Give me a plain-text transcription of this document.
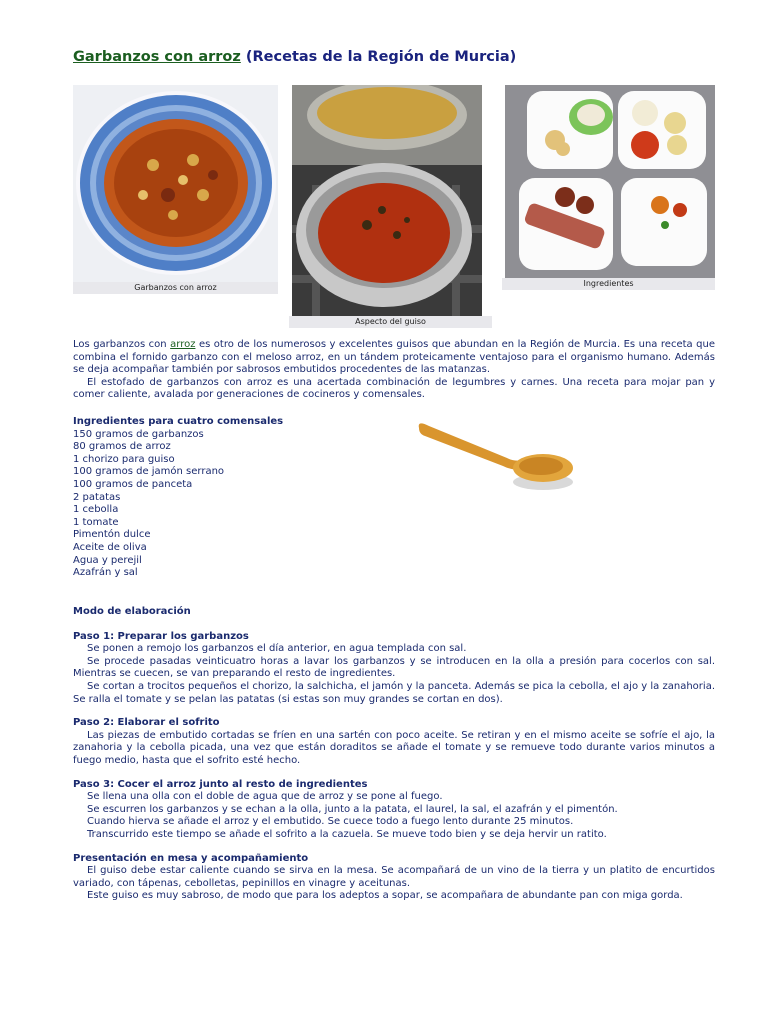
Garbanzos con arroz (Recetas de la Región de Murcia)
Garbanzos con arroz
Aspecto del guiso
Ingredientes

Los garbanzos con arroz es otro de los numerosos y excelentes guisos que abundan en la Región de Murcia. Es una receta que combina el fornido garbanzo con el meloso arroz, en un tándem proteicamente ventajoso para el organismo humano. Además se deja acompañar también por sabrosos embutidos procedentes de las matanzas.

El estofado de garbanzos con arroz es una acertada combinación de legumbres y carnes. Una receta para mojar pan y comer caliente, avalada por generaciones de cocineros y comensales.

Ingredientes para cuatro comensales

150 gramos de garbanzos
80 gramos de arroz
1 chorizo para guiso
100 gramos de jamón serrano
100 gramos de panceta
2 patatas
1 cebolla
1 tomate
Pimentón dulce
Aceite de oliva
Agua y perejil
Azafrán y sal

Modo de elaboración

Paso 1: Preparar los garbanzos

Se ponen a remojo los garbanzos el día anterior, en agua templada con sal.

Se procede pasadas veinticuatro horas a lavar los garbanzos y se introducen en la olla a presión para cocerlos con sal. Mientras se cuecen, se van preparando el resto de ingredientes.

Se cortan a trocitos pequeños el chorizo, la salchicha, el jamón y la panceta. Además se pica la cebolla, el ajo y la zanahoria. Se ralla el tomate y se pelan las patatas (si estas son muy grandes se cortan en dos).

Paso 2: Elaborar el sofrito

Las piezas de embutido cortadas se fríen en una sartén con poco aceite. Se retiran y en el mismo aceite se sofríe el ajo, la zanahoria y la cebolla picada, una vez que están doraditos se añade el tomate y se remueve todo durante varios minutos a fuego medio, hasta que el sofrito esté hecho.

Paso 3: Cocer el arroz junto al resto de ingredientes

Se llena una olla con el doble de agua que de arroz y se pone al fuego.

Se escurren los garbanzos y se echan a la olla, junto a la patata, el laurel, la sal, el azafrán y el pimentón.

Cuando hierva se añade el arroz y el embutido. Se cuece todo a fuego lento durante 25 minutos.

Transcurrido este tiempo se añade el sofrito a la cazuela. Se mueve todo bien y se deja hervir un ratito.

Presentación en mesa y acompañamiento

El guiso debe estar caliente cuando se sirva en la mesa. Se acompañará de un vino de la tierra y un platito de encurtidos variado, con tápenas, cebolletas, pepinillos en vinagre y aceitunas.

Este guiso es muy sabroso, de modo que para los adeptos a sopar, se acompañara de abundante pan con miga gorda.
